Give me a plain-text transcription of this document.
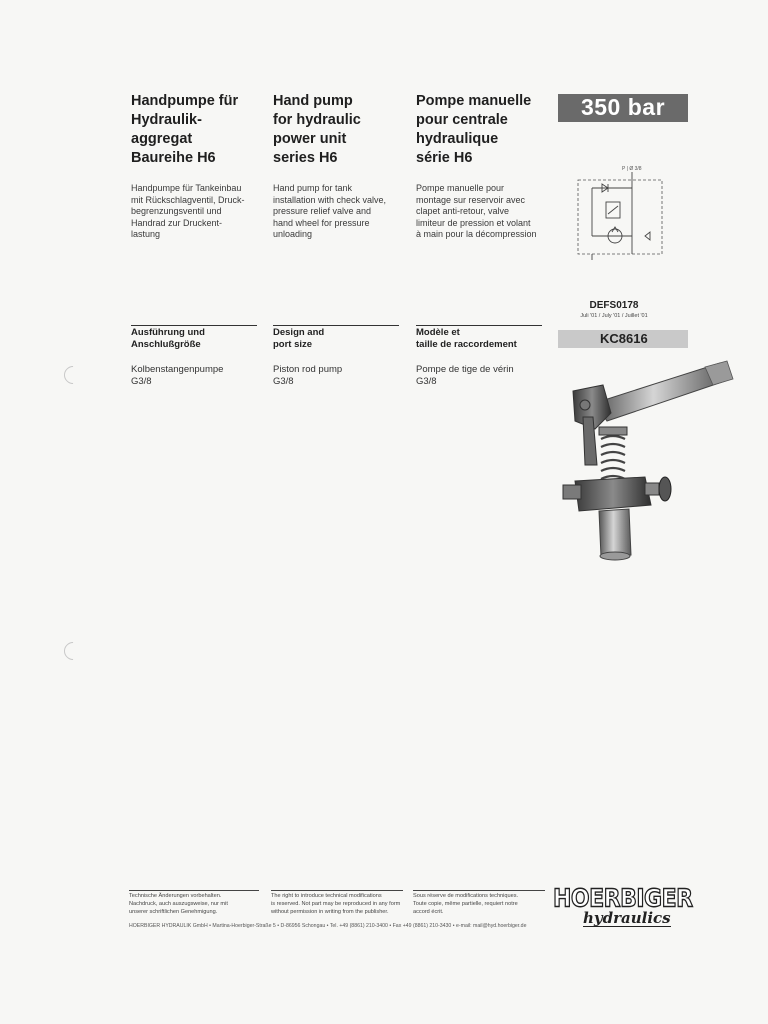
Handpumpe für
Hydraulik-
aggregat
Baureihe H6
Hand pump
for hydraulic
power unit
series H6
Pompe manuelle
pour centrale
hydraulique
série H6
350 bar
Handpumpe für Tankeinbau
mit Rückschlagventil, Druck-
begrenzungsventil und
Handrad zur Druckent-
lastung
Hand pump for tank
installation with check valve,
pressure relief valve and
hand wheel for pressure
unloading
Pompe manuelle pour
montage sur reservoir avec
clapet anti-retour, valve
limiteur de pression et volant
à main pour la décompression
P | Ø 3/8
DEFS0178
Juli '01 / July '01 / Juillet '01
KC8616
Ausführung und
Anschlußgröße
Design and
port size
Modèle et
taille de raccordement
Kolbenstangenpumpe
G3/8
Piston rod pump
G3/8
Pompe de tige de vérin
G3/8
Technische Änderungen vorbehalten.
Nachdruck, auch auszugsweise, nur mit
unserer schriftlichen Genehmigung.
The right to introduce technical modifications
is reserved. Not part may be reproduced in any form
without permission in writing from the publisher.
Sous réserve de modifications techniques.
Toute copie, même partielle, requiert notre
accord écrit.
HOERBIGER HYDRAULIK GmbH • Martina-Hoerbiger-Straße 5 • D-86956 Schongau • Tel. +49 (8861) 210-3400 • Fax +49 (8861) 210-3430 • e-mail: mail@hyd.hoerbiger.de
HOERBIGER
hydraulics
